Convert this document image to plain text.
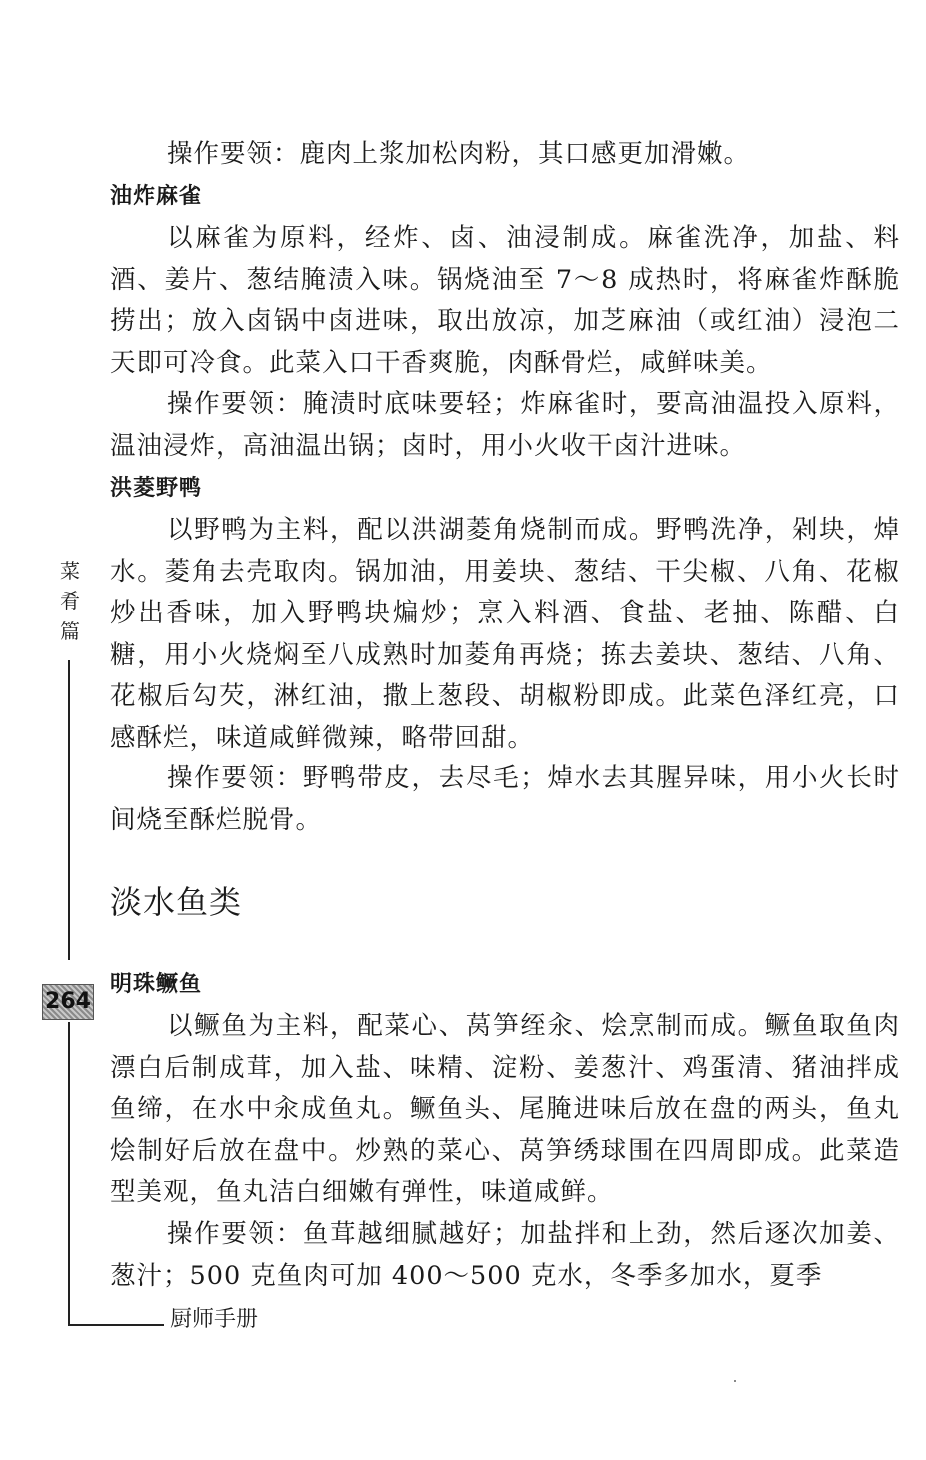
菜
肴
篇
264
厨师手册

操作要领：鹿肉上浆加松肉粉，其口感更加滑嫩。

油炸麻雀

以麻雀为原料，经炸、卤、油浸制成。麻雀洗净，加盐、料酒、姜片、葱结腌渍入味。锅烧油至 7～8 成热时，将麻雀炸酥脆捞出；放入卤锅中卤进味，取出放凉，加芝麻油（或红油）浸泡二天即可冷食。此菜入口干香爽脆，肉酥骨烂，咸鲜味美。

操作要领：腌渍时底味要轻；炸麻雀时，要高油温投入原料，温油浸炸，高油温出锅；卤时，用小火收干卤汁进味。

洪菱野鸭

以野鸭为主料，配以洪湖菱角烧制而成。野鸭洗净，剁块，焯水。菱角去壳取肉。锅加油，用姜块、葱结、干尖椒、八角、花椒炒出香味，加入野鸭块煸炒；烹入料酒、食盐、老抽、陈醋、白糖，用小火烧焖至八成熟时加菱角再烧；拣去姜块、葱结、八角、花椒后勾芡，淋红油，撒上葱段、胡椒粉即成。此菜色泽红亮，口感酥烂，味道咸鲜微辣，略带回甜。

操作要领：野鸭带皮，去尽毛；焯水去其腥异味，用小火长时间烧至酥烂脱骨。

淡水鱼类

明珠鳜鱼

以鳜鱼为主料，配菜心、莴笋绖汆、烩烹制而成。鳜鱼取鱼肉漂白后制成茸，加入盐、味精、淀粉、姜葱汁、鸡蛋清、猪油拌成鱼缔，在水中汆成鱼丸。鳜鱼头、尾腌进味后放在盘的两头，鱼丸烩制好后放在盘中。炒熟的菜心、莴笋绣球围在四周即成。此菜造型美观，鱼丸洁白细嫩有弹性，味道咸鲜。

操作要领：鱼茸越细腻越好；加盐拌和上劲，然后逐次加姜、葱汁；500 克鱼肉可加 400～500 克水，冬季多加水，夏季
